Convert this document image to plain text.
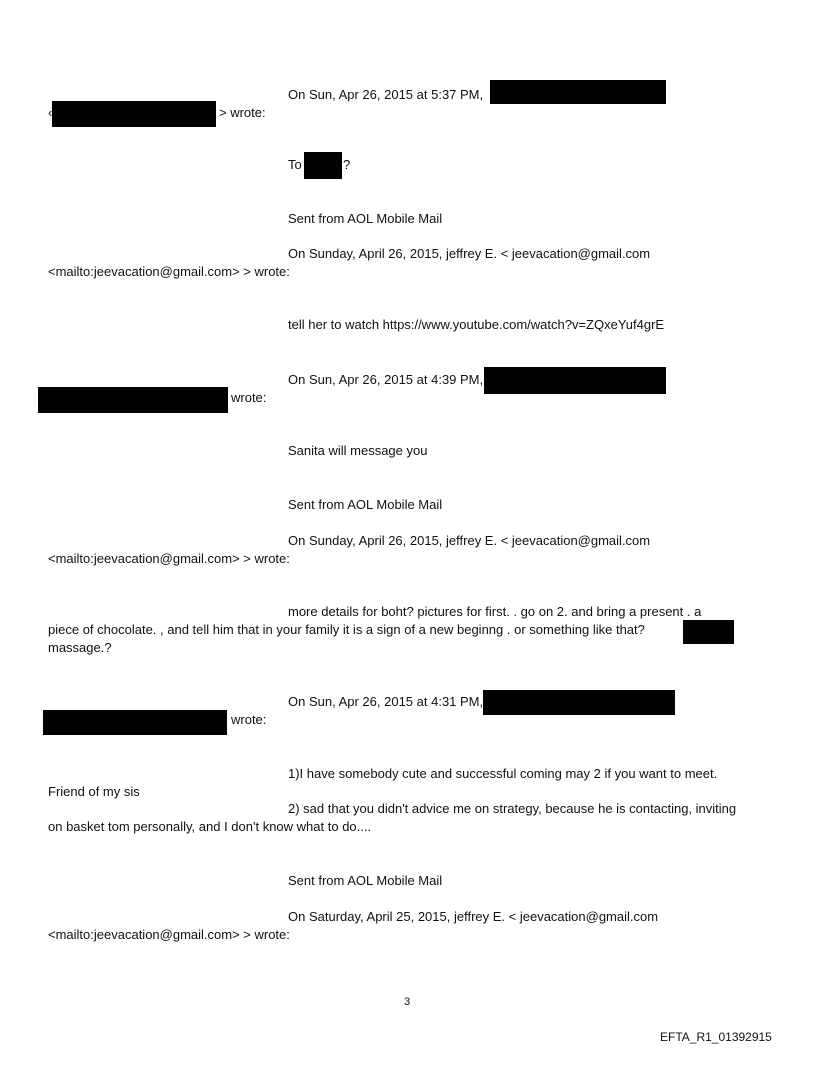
On Sun, Apr 26, 2015 at 5:37 PM,
‹	> wrote:
To	?
Sent from AOL Mobile Mail
On Sunday, April 26, 2015, jeffrey E. < jeevacation@gmail.com
<mailto:jeevacation@gmail.com> > wrote:
tell her to watch https://www.youtube.com/watch?v=ZQxeYuf4grE
On Sun, Apr 26, 2015 at 4:39 PM,
wrote:
Sanita will message you
Sent from AOL Mobile Mail
On Sunday, April 26, 2015, jeffrey E. < jeevacation@gmail.com
<mailto:jeevacation@gmail.com> > wrote:
more details for boht? pictures for first. . go on 2. and bring a present . a
piece of chocolate. , and tell him that in your family it is a sign of a new beginng . or something like that?
massage.?
On Sun, Apr 26, 2015 at 4:31 PM,
wrote:
1)I have somebody cute and successful coming may 2 if you want to meet.
Friend of my sis
2) sad that you didn't advice me on strategy, because he is contacting, inviting
on basket tom personally, and I don't know what to do....
Sent from AOL Mobile Mail
On Saturday, April 25, 2015, jeffrey E. < jeevacation@gmail.com
<mailto:jeevacation@gmail.com> > wrote:
3
EFTA_R1_01392915
